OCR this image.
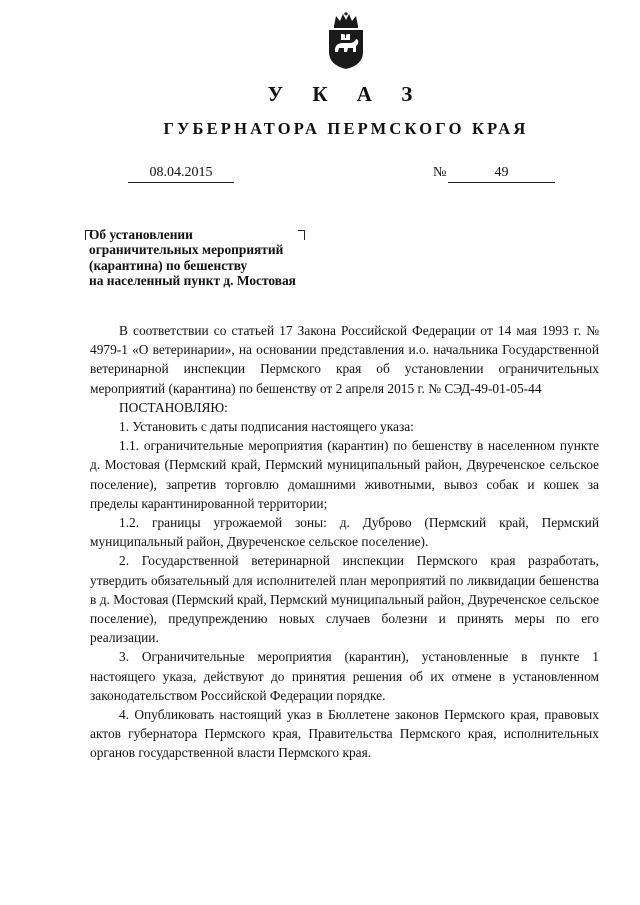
У К А З
ГУБЕРНАТОРА ПЕРМСКОГО КРАЯ
08.04.2015	№	49

Об установлении
ограничительных мероприятий
(карантина) по бешенству
на населенный пункт д. Мостовая

В соответствии со статьей 17 Закона Российской Федерации от 14 мая 1993 г. № 4979-1 «О ветеринарии», на основании представления и.о. начальника Государственной ветеринарной инспекции Пермского края об установлении ограничительных мероприятий (карантина) по бешенству от 2 апреля 2015 г. № СЭД-49-01-05-44

ПОСТАНОВЛЯЮ:

1. Установить с даты подписания настоящего указа:

1.1. ограничительные мероприятия (карантин) по бешенству в населенном пункте д. Мостовая (Пермский край, Пермский муниципальный район, Двуреченское сельское поселение), запретив торговлю домашними животными, вывоз собак и кошек за пределы карантинированной территории;

1.2. границы угрожаемой зоны: д. Дуброво (Пермский край, Пермский муниципальный район, Двуреченское сельское поселение).

2. Государственной ветеринарной инспекции Пермского края разработать, утвердить обязательный для исполнителей план мероприятий по ликвидации бешенства в д. Мостовая (Пермский край, Пермский муниципальный район, Двуреченское сельское поселение), предупреждению новых случаев болезни и принять меры по его реализации.

3. Ограничительные мероприятия (карантин), установленные в пункте 1 настоящего указа, действуют до принятия решения об их отмене в установленном законодательством Российской Федерации порядке.

4. Опубликовать настоящий указ в Бюллетене законов Пермского края, правовых актов губернатора Пермского края, Правительства Пермского края, исполнительных органов государственной власти Пермского края.
